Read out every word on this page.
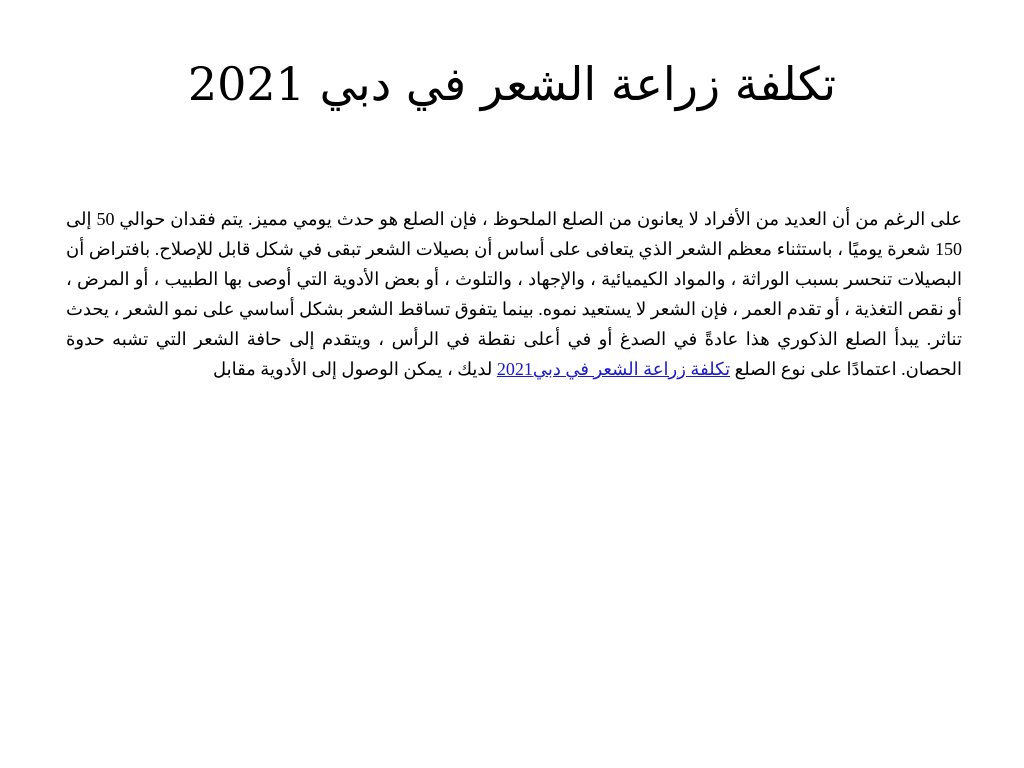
تكلفة زراعة الشعر في دبي 2021

على الرغم من أن العديد من الأفراد لا يعانون من الصلع الملحوظ ، فإن الصلع هو حدث يومي مميز. يتم فقدان حوالي 50 إلى 150 شعرة يوميًا ، باستثناء معظم الشعر الذي يتعافى على أساس أن بصيلات الشعر تبقى في شكل قابل للإصلاح. بافتراض أن البصيلات تنحسر بسبب الوراثة ، والمواد الكيميائية ، والإجهاد ، والتلوث ، أو بعض الأدوية التي أوصى بها الطبيب ، أو المرض ، أو نقص التغذية ، أو تقدم العمر ، فإن الشعر لا يستعيد نموه. بينما يتفوق تساقط الشعر بشكل أساسي على نمو الشعر ، يحدث تناثر. يبدأ الصلع الذكوري هذا عادةً في الصدغ أو في أعلى نقطة في الرأس ، ويتقدم إلى حافة الشعر التي تشبه حدوة الحصان. اعتمادًا على نوع الصلع تكلفة زراعة الشعر في دبي2021 لديك ، يمكن الوصول إلى الأدوية مقابل
